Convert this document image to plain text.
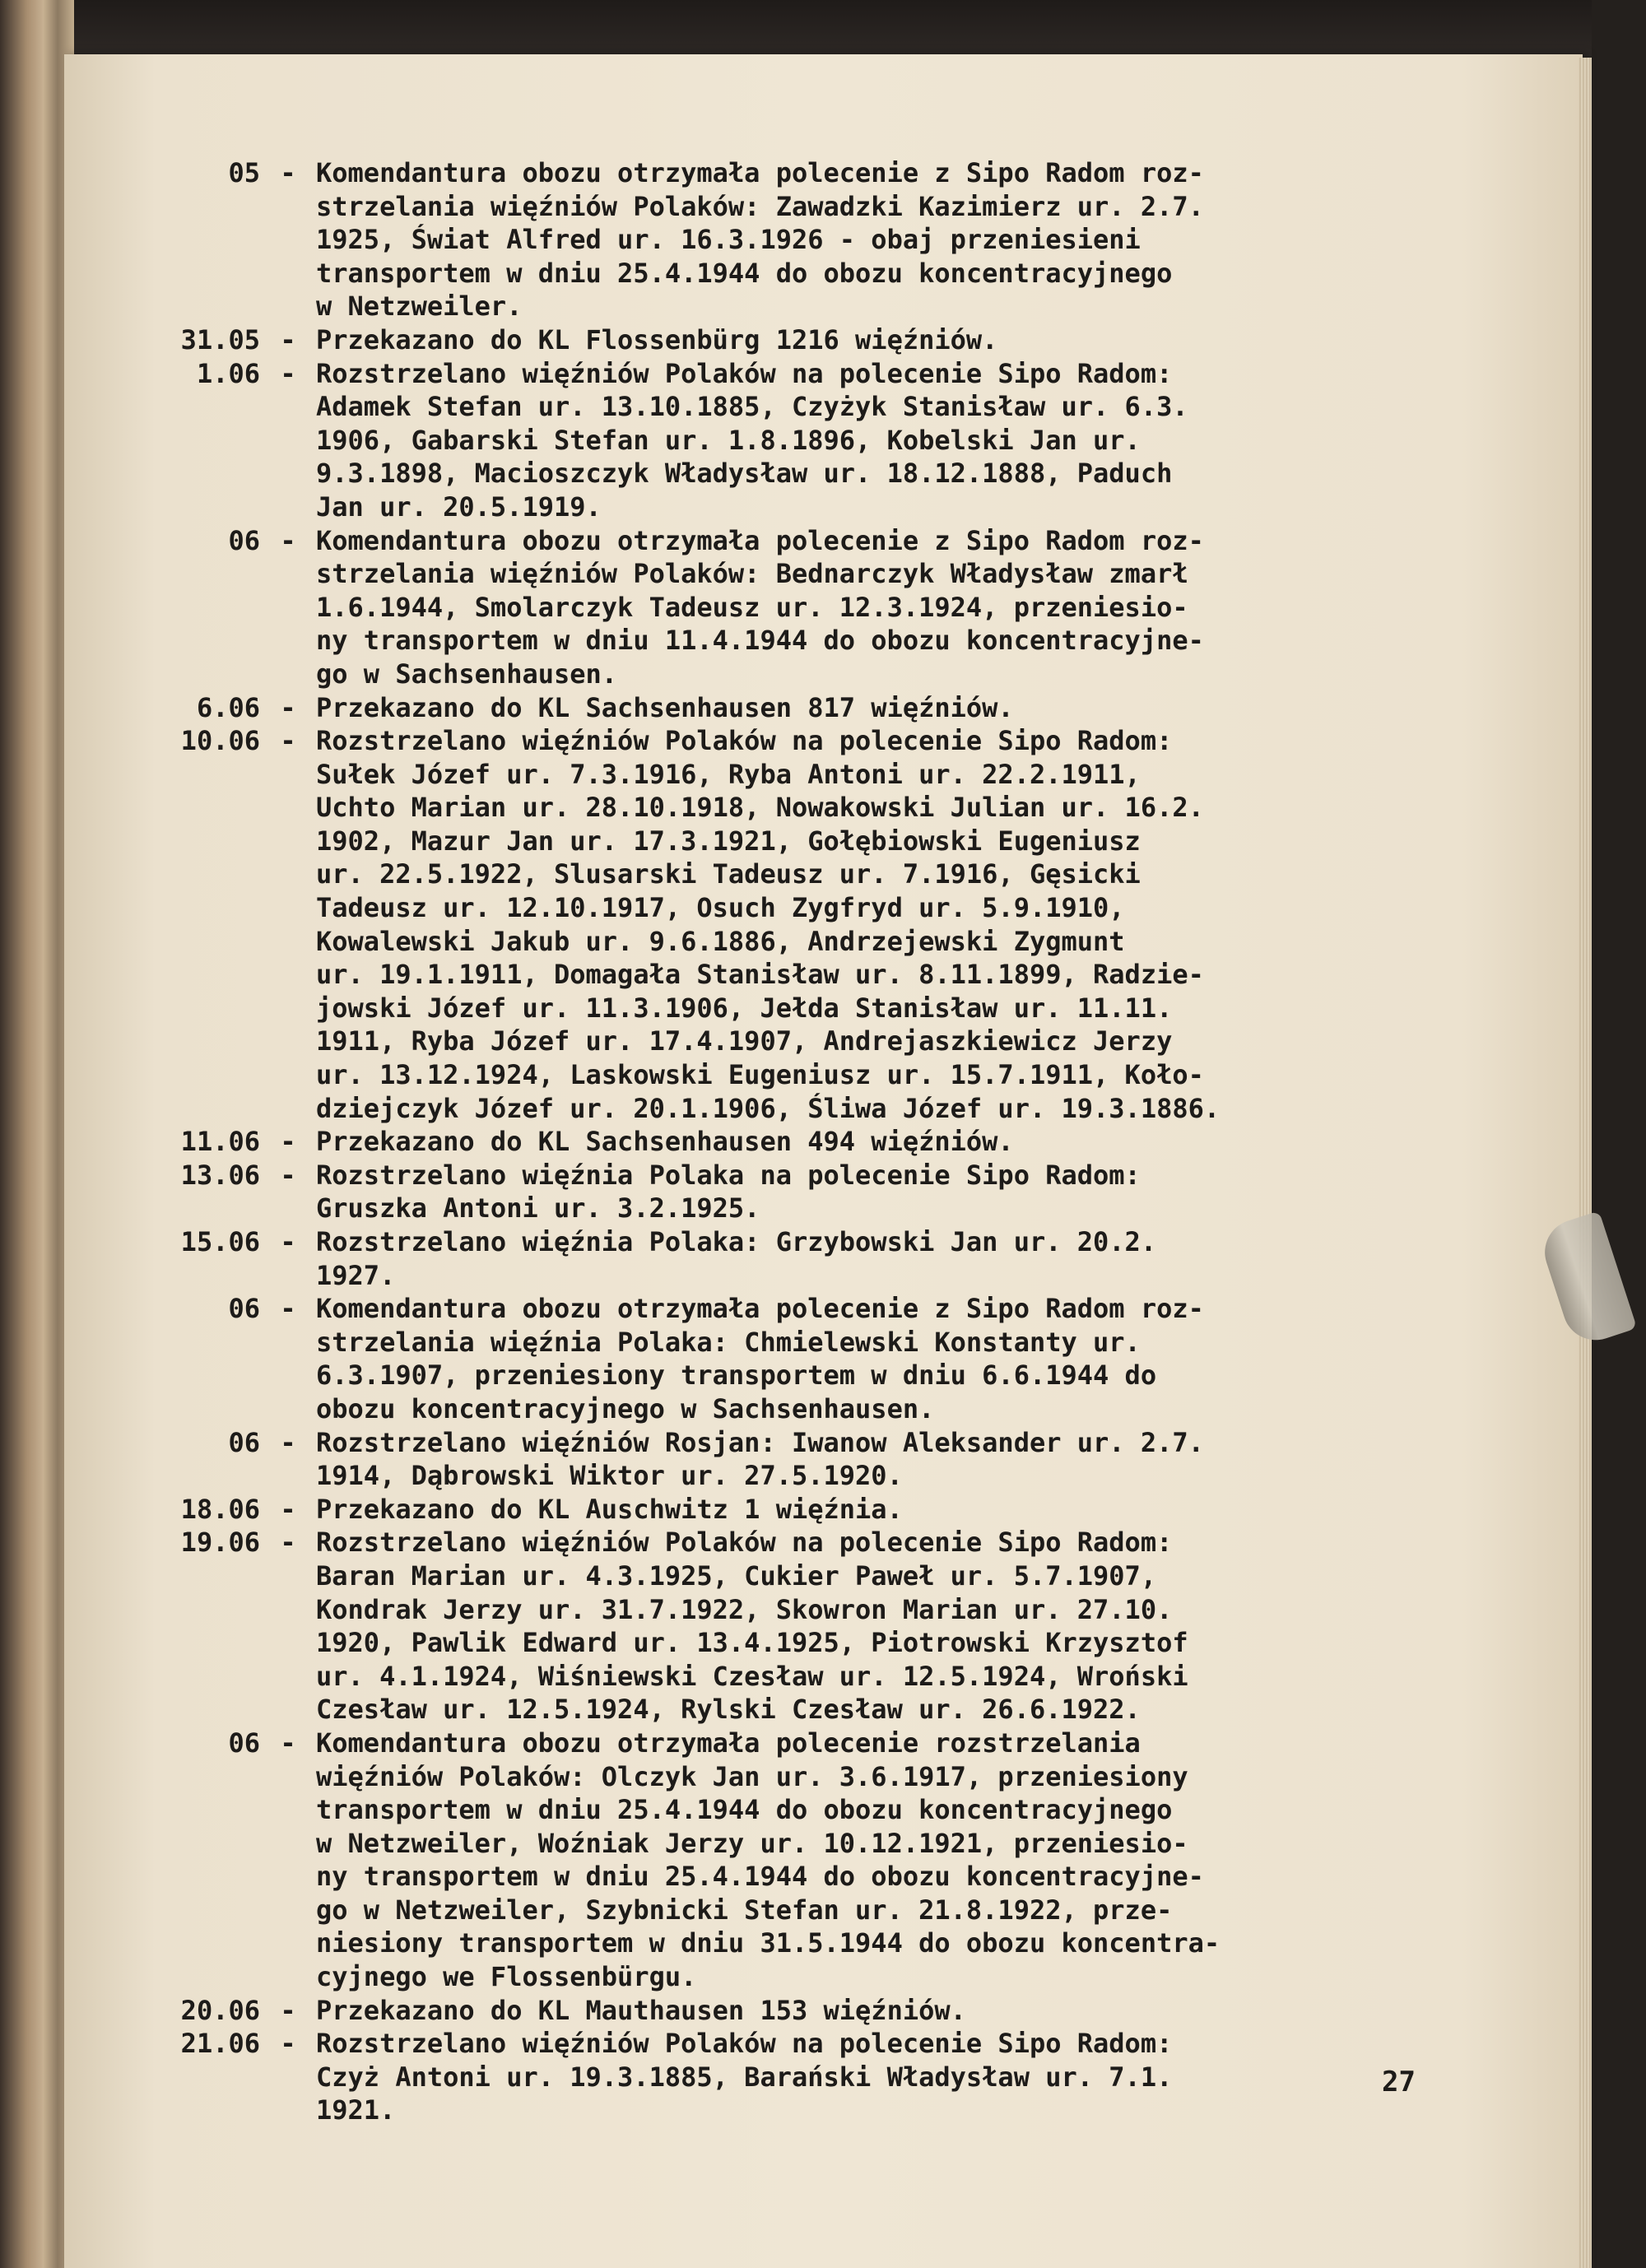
05 - Komendantura obozu otrzymała polecenie z Sipo Radom roz-
strzelania więźniów Polaków: Zawadzki Kazimierz ur. 2.7.
1925, Świat Alfred ur. 16.3.1926 - obaj przeniesieni
transportem w dniu 25.4.1944 do obozu koncentracyjnego
w Netzweiler.
31.05 - Przekazano do KL Flossenbürg 1216 więźniów.
1.06 - Rozstrzelano więźniów Polaków na polecenie Sipo Radom:
Adamek Stefan ur. 13.10.1885, Czyżyk Stanisław ur. 6.3.
1906, Gabarski Stefan ur. 1.8.1896, Kobelski Jan ur.
9.3.1898, Macioszczyk Władysław ur. 18.12.1888, Paduch
Jan ur. 20.5.1919.
06 - Komendantura obozu otrzymała polecenie z Sipo Radom roz-
strzelania więźniów Polaków: Bednarczyk Władysław zmarł
1.6.1944, Smolarczyk Tadeusz ur. 12.3.1924, przeniesio-
ny transportem w dniu 11.4.1944 do obozu koncentracyjne-
go w Sachsenhausen.
6.06 - Przekazano do KL Sachsenhausen 817 więźniów.
10.06 - Rozstrzelano więźniów Polaków na polecenie Sipo Radom:
Sułek Józef ur. 7.3.1916, Ryba Antoni ur. 22.2.1911,
Uchto Marian ur. 28.10.1918, Nowakowski Julian ur. 16.2.
1902, Mazur Jan ur. 17.3.1921, Gołębiowski Eugeniusz
ur. 22.5.1922, Slusarski Tadeusz ur. 7.1916, Gęsicki
Tadeusz ur. 12.10.1917, Osuch Zygfryd ur. 5.9.1910,
Kowalewski Jakub ur. 9.6.1886, Andrzejewski Zygmunt
ur. 19.1.1911, Domagała Stanisław ur. 8.11.1899, Radzie-
jowski Józef ur. 11.3.1906, Jełda Stanisław ur. 11.11.
1911, Ryba Józef ur. 17.4.1907, Andrejaszkiewicz Jerzy
ur. 13.12.1924, Laskowski Eugeniusz ur. 15.7.1911, Koło-
dziejczyk Józef ur. 20.1.1906, Śliwa Józef ur. 19.3.1886.
11.06 - Przekazano do KL Sachsenhausen 494 więźniów.
13.06 - Rozstrzelano więźnia Polaka na polecenie Sipo Radom:
Gruszka Antoni ur. 3.2.1925.
15.06 - Rozstrzelano więźnia Polaka: Grzybowski Jan ur. 20.2.
1927.
06 - Komendantura obozu otrzymała polecenie z Sipo Radom roz-
strzelania więźnia Polaka: Chmielewski Konstanty ur.
6.3.1907, przeniesiony transportem w dniu 6.6.1944 do
obozu koncentracyjnego w Sachsenhausen.
06 - Rozstrzelano więźniów Rosjan: Iwanow Aleksander ur. 2.7.
1914, Dąbrowski Wiktor ur. 27.5.1920.
18.06 - Przekazano do KL Auschwitz 1 więźnia.
19.06 - Rozstrzelano więźniów Polaków na polecenie Sipo Radom:
Baran Marian ur. 4.3.1925, Cukier Paweł ur. 5.7.1907,
Kondrak Jerzy ur. 31.7.1922, Skowron Marian ur. 27.10.
1920, Pawlik Edward ur. 13.4.1925, Piotrowski Krzysztof
ur. 4.1.1924, Wiśniewski Czesław ur. 12.5.1924, Wroński
Czesław ur. 12.5.1924, Rylski Czesław ur. 26.6.1922.
06 - Komendantura obozu otrzymała polecenie rozstrzelania
więźniów Polaków: Olczyk Jan ur. 3.6.1917, przeniesiony
transportem w dniu 25.4.1944 do obozu koncentracyjnego
w Netzweiler, Woźniak Jerzy ur. 10.12.1921, przeniesio-
ny transportem w dniu 25.4.1944 do obozu koncentracyjne-
go w Netzweiler, Szybnicki Stefan ur. 21.8.1922, prze-
niesiony transportem w dniu 31.5.1944 do obozu koncentra-
cyjnego we Flossenbürgu.
20.06 - Przekazano do KL Mauthausen 153 więźniów.
21.06 - Rozstrzelano więźniów Polaków na polecenie Sipo Radom:
Czyż Antoni ur. 19.3.1885, Barański Władysław ur. 7.1.
1921.
27
